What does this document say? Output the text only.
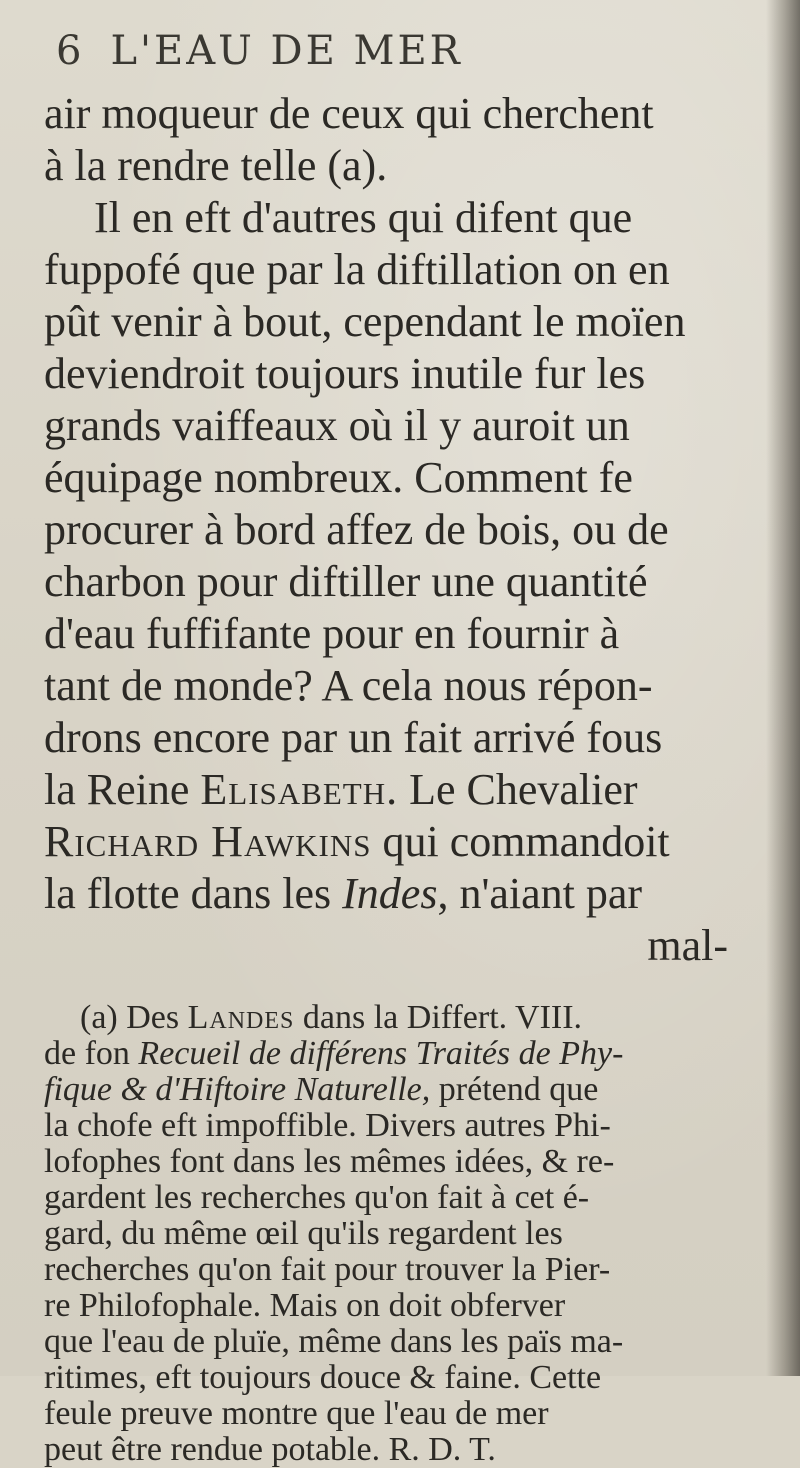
6 L'EAU DE MER
air moqueur de ceux qui cherchent
à la rendre telle (a).
Il en eft d'autres qui difent que
fuppofé que par la diftillation on en
pût venir à bout, cependant le moïen
deviendroit toujours inutile fur les
grands vaiffeaux où il y auroit un
équipage nombreux. Comment fe
procurer à bord affez de bois, ou de
charbon pour diftiller une quantité
d'eau fuffifante pour en fournir à
tant de monde? A cela nous répon-
drons encore par un fait arrivé fous
la Reine Elisabeth. Le Chevalier
Richard Hawkins qui commandoit
la flotte dans les Indes, n'aiant par
mal-
(a) Des Landes dans la Differt. VIII.
de fon Recueil de différens Traités de Phy-
fique & d'Hiftoire Naturelle, prétend que
la chofe eft impoffible. Divers autres Phi-
lofophes font dans les mêmes idées, & re-
gardent les recherches qu'on fait à cet é-
gard, du même œil qu'ils regardent les
recherches qu'on fait pour trouver la Pier-
re Philofophale. Mais on doit obferver
que l'eau de pluïe, même dans les païs ma-
ritimes, eft toujours douce & faine. Cette
feule preuve montre que l'eau de mer
peut être rendue potable. R. D. T.
